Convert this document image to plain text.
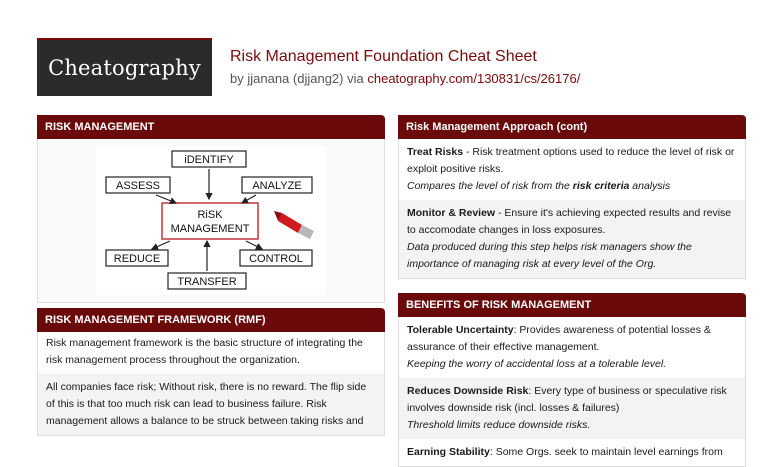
Cheatography Risk Management Foundation Cheat Sheet
by jjanana (djjang2) via cheatography.com/130831/cs/26176/
RISK MANAGEMENT
iDENTIFY
ASSESS	ANALYZE
RiSK
MANAGEMENT
REDUCE	CONTROL
TRANSFER
RISK MANAGEMENT FRAMEWORK (RMF)
Risk management framework is the basic structure of integrating the risk management process throughout the organization.
All companies face risk; Without risk, there is no reward. The flip side of this is that too much risk can lead to business failure. Risk management allows a balance to be struck between taking risks and
Risk Management Approach (cont)
Treat Risks - Risk treatment options used to reduce the level of risk or exploit positive risks.
Compares the level of risk from the risk criteria analysis
Monitor & Review - Ensure it's achieving expected results and revise to accomodate changes in loss exposures.
Data produced during this step helps risk managers show the importance of managing risk at every level of the Org.
BENEFITS OF RISK MANAGEMENT
Tolerable Uncertainty: Provides awareness of potential losses & assurance of their effective management.
Keeping the worry of accidental loss at a tolerable level.
Reduces Downside Risk: Every type of business or speculative risk involves downside risk (incl. losses & failures)
Threshold limits reduce downside risks.
Earning Stability: Some Orgs. seek to maintain level earnings from
